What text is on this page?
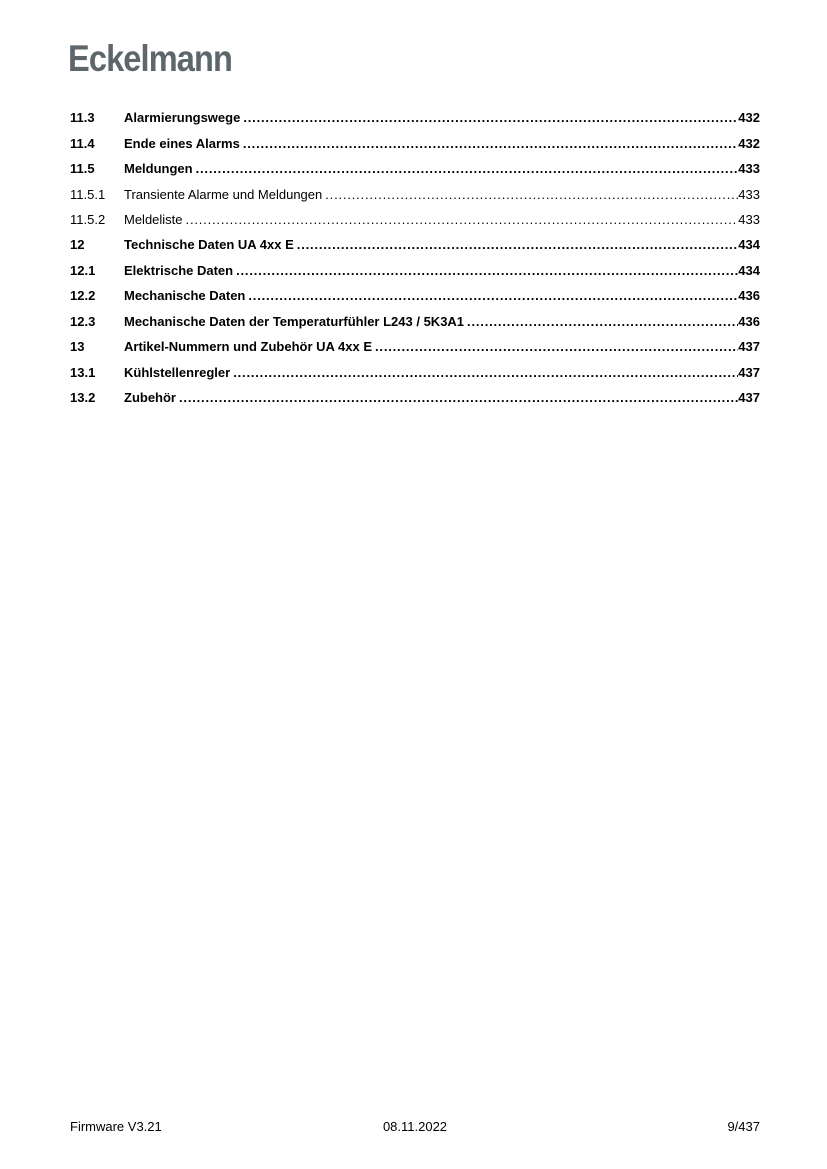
Eckelmann
11.3	Alarmierungswege .....	432
11.4	Ende eines Alarms .....	432
11.5	Meldungen .....	433
11.5.1	Transiente Alarme und Meldungen .....	433
11.5.2	Meldeliste .....	433
12	Technische Daten UA 4xx E .....	434
12.1	Elektrische Daten .....	434
12.2	Mechanische Daten .....	436
12.3	Mechanische Daten der Temperaturfühler L243 / 5K3A1 .....	436
13	Artikel-Nummern und Zubehör UA 4xx E .....	437
13.1	Kühlstellenregler .....	437
13.2	Zubehör .....	437
Firmware V3.21	08.11.2022	9/437
